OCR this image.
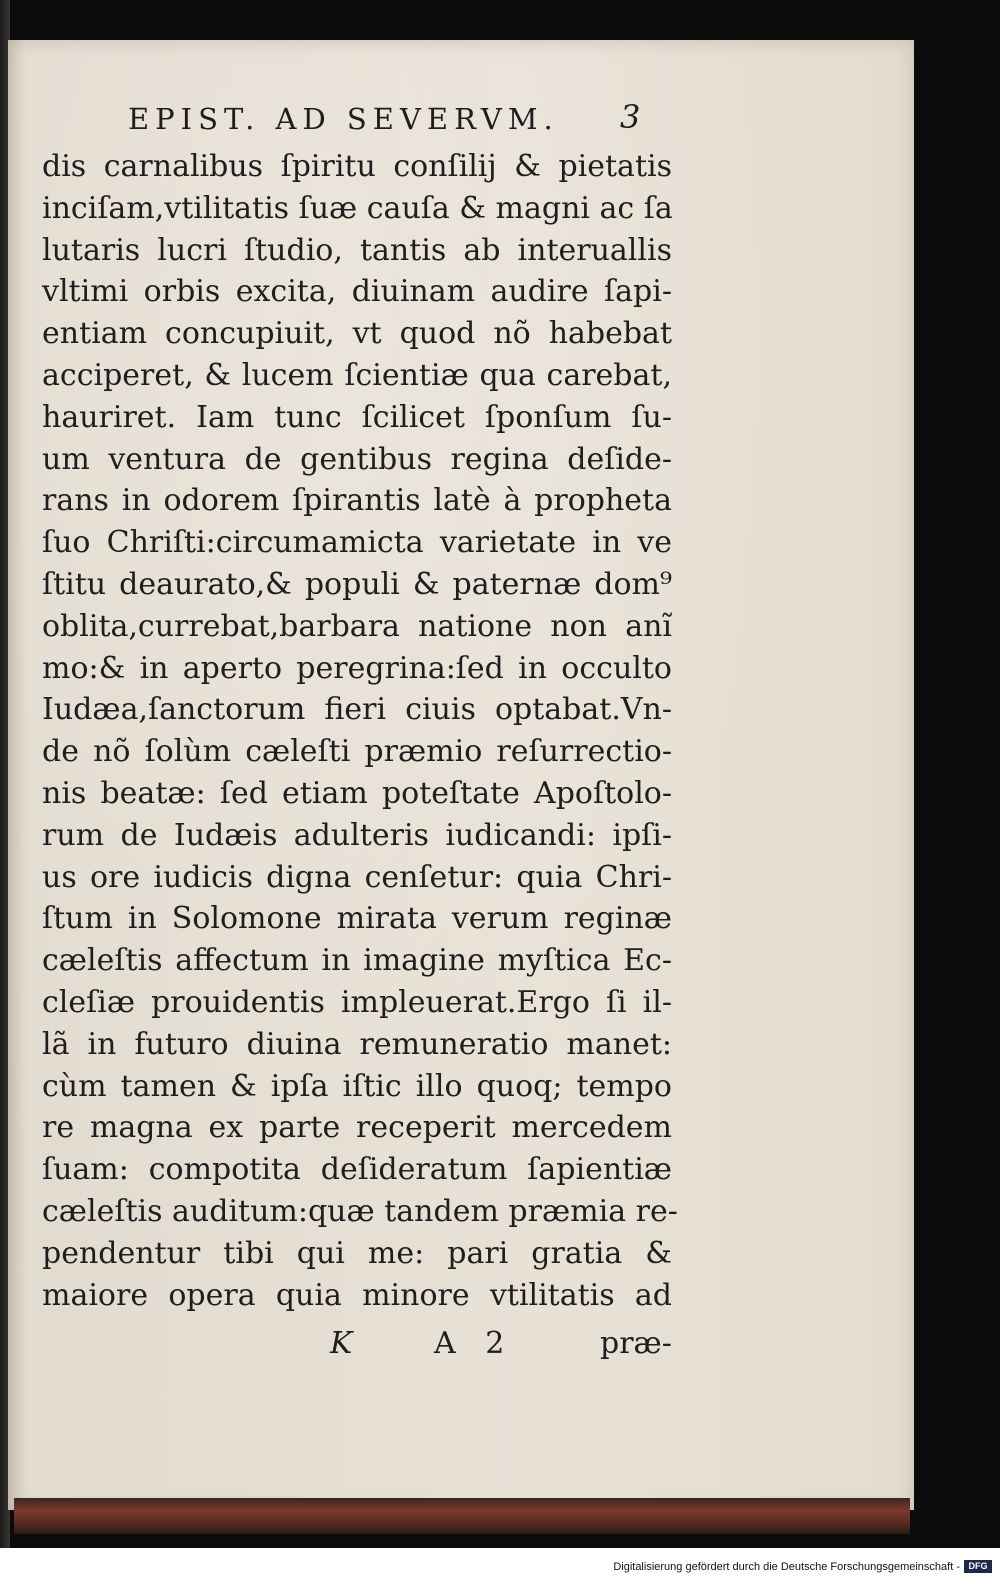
EPIST. AD SEVERVM. 3
dis carnalibus ſpiritu conſilij & pietatis
inciſam,vtilitatis ſuæ cauſa & magni ac ſa
lutaris lucri ſtudio, tantis ab interuallis
vltimi orbis excita, diuinam audire ſapi-
entiam concupiuit, vt quod nõ habebat
acciperet, & lucem ſcientiæ qua carebat,
hauriret. Iam tunc ſcilicet ſponſum ſu-
um ventura de gentibus regina deſide-
rans in odorem ſpirantis latè à propheta
ſuo Chriſti:circumamicta varietate in ve
ſtitu deaurato,& populi & paternæ dom⁹
oblita,currebat,barbara natione non anĩ
mo:& in aperto peregrina:ſed in occulto
Iudæa,ſanctorum fieri ciuis optabat.Vn-
de nõ ſolùm cæleſti præmio reſurrectio-
nis beatæ: ſed etiam poteſtate Apoſtolo-
rum de Iudæis adulteris iudicandi: ipſi-
us ore iudicis digna cenſetur: quia Chri-
ſtum in Solomone mirata verum reginæ
cæleſtis affectum in imagine myſtica Ec-
cleſiæ prouidentis impleuerat.Ergo ſi il-
lã in futuro diuina remuneratio manet:
cùm tamen & ipſa iſtic illo quoq; tempo
re magna ex parte receperit mercedem
ſuam: compotita deſideratum ſapientiæ
cæleſtis auditum:quæ tandem præmia re-
pendentur tibi qui me: pari gratia &
maiore opera quia minore vtilitatis ad
K	A 2	præ-
Digitalisierung gefördert durch die Deutsche Forschungsgemeinschaft - DFG
